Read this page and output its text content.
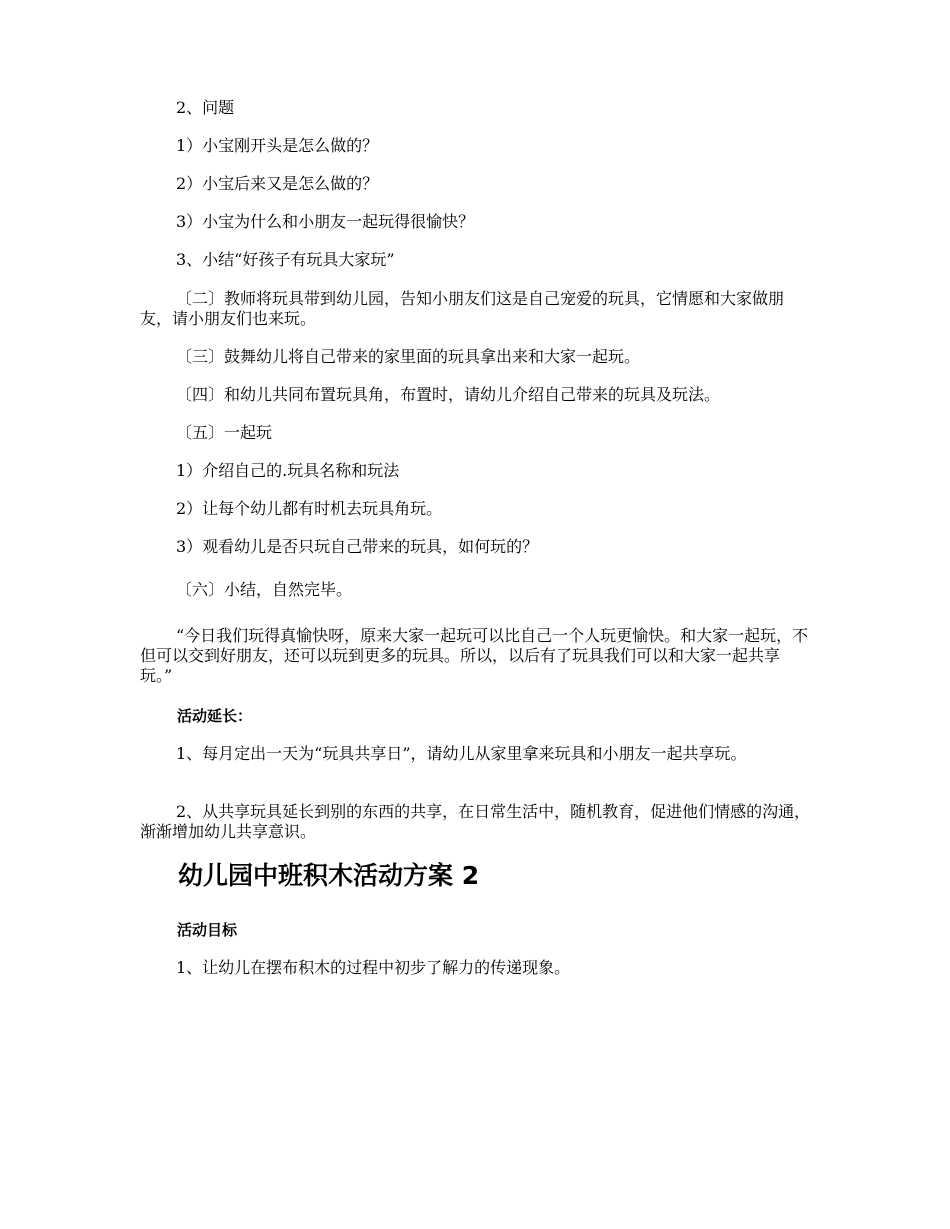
2、问题
1）小宝刚开头是怎么做的？
2）小宝后来又是怎么做的？
3）小宝为什么和小朋友一起玩得很愉快？
3、小结“好孩子有玩具大家玩”
〔二〕教师将玩具带到幼儿园，告知小朋友们这是自己宠爱的玩具，它情愿和大家做朋友，请小朋友们也来玩。
〔三〕鼓舞幼儿将自己带来的家里面的玩具拿出来和大家一起玩。
〔四〕和幼儿共同布置玩具角，布置时，请幼儿介绍自己带来的玩具及玩法。
〔五〕一起玩
1）介绍自己的.玩具名称和玩法
2）让每个幼儿都有时机去玩具角玩。
3）观看幼儿是否只玩自己带来的玩具，如何玩的？
〔六〕小结，自然完毕。
“今日我们玩得真愉快呀，原来大家一起玩可以比自己一个人玩更愉快。和大家一起玩，不但可以交到好朋友，还可以玩到更多的玩具。所以，以后有了玩具我们可以和大家一起共享玩。”
活动延长：
1、每月定出一天为“玩具共享日”，请幼儿从家里拿来玩具和小朋友一起共享玩。
2、从共享玩具延长到别的东西的共享，在日常生活中，随机教育，促进他们情感的沟通，渐渐增加幼儿共享意识。
幼儿园中班积木活动方案 2
活动目标
1、让幼儿在摆布积木的过程中初步了解力的传递现象。
